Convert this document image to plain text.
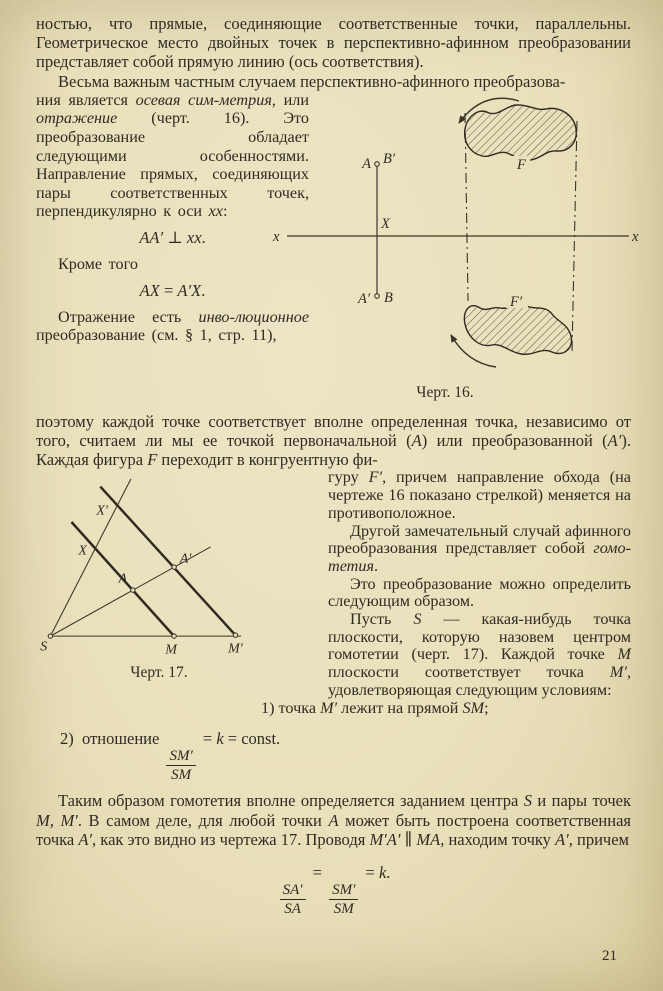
ностью, что прямые, соединяющие соответственные точки, параллельны. Геометрическое место двойных точек в перспективно-афинном преобразовании представляет собой прямую линию (ось соответствия).

Весьма важным частным случаем перспективно-афинного преобразова-

x	x
A B′
X
A′ B
F
F′
Черт. 16.

ния является осевая сим-метрия, или отражение (черт. 16). Это преобразование обладает следующими особенностями. Направление прямых, соединяющих пары соответственных точек, перпендикулярно к оси xx:

AA′ ⊥ xx.

Кроме того

AX = A′X.

Отражение есть инво-люционное преобразование (см. § 1, стр. 11),

поэтому каждой точке соответствует вполне определенная точка, независимо от того, считаем ли мы ее точкой первоначальной (A) или преобразованной (A′). Каждая фигура F переходит в конгруентную фи-

S	M	M′
A
A′
X
X′
Черт. 17.

гуру F′, причем направление обхода (на чертеже 16 показано стрелкой) меняется на противоположное.

Другой замечательный случай афинного преобразования представляет собой гомо-тетия.

Это преобразование можно определить следующим образом.

Пусть S — какая-нибудь точка плоскости, которую назовем центром гомотетии (черт. 17). Каждой точке M плоскости соответствует точка M′, удовлетворяющая следующим условиям:

1) точка M′ лежит на прямой SM;

2)  отношение
$\frac{SM'}{SM}$
= k = const.

Таким образом гомотетия вполне определяется заданием центра S и пары точек M, M′. В самом деле, для любой точки A может быть построена соответственная точка A′, как это видно из чертежа 17. Проводя M′A′ ∥ MA, находим точку A′, причем

$\frac{SA'}{SA}$
=
$\frac{SM'}{SM}$
= k.
21
